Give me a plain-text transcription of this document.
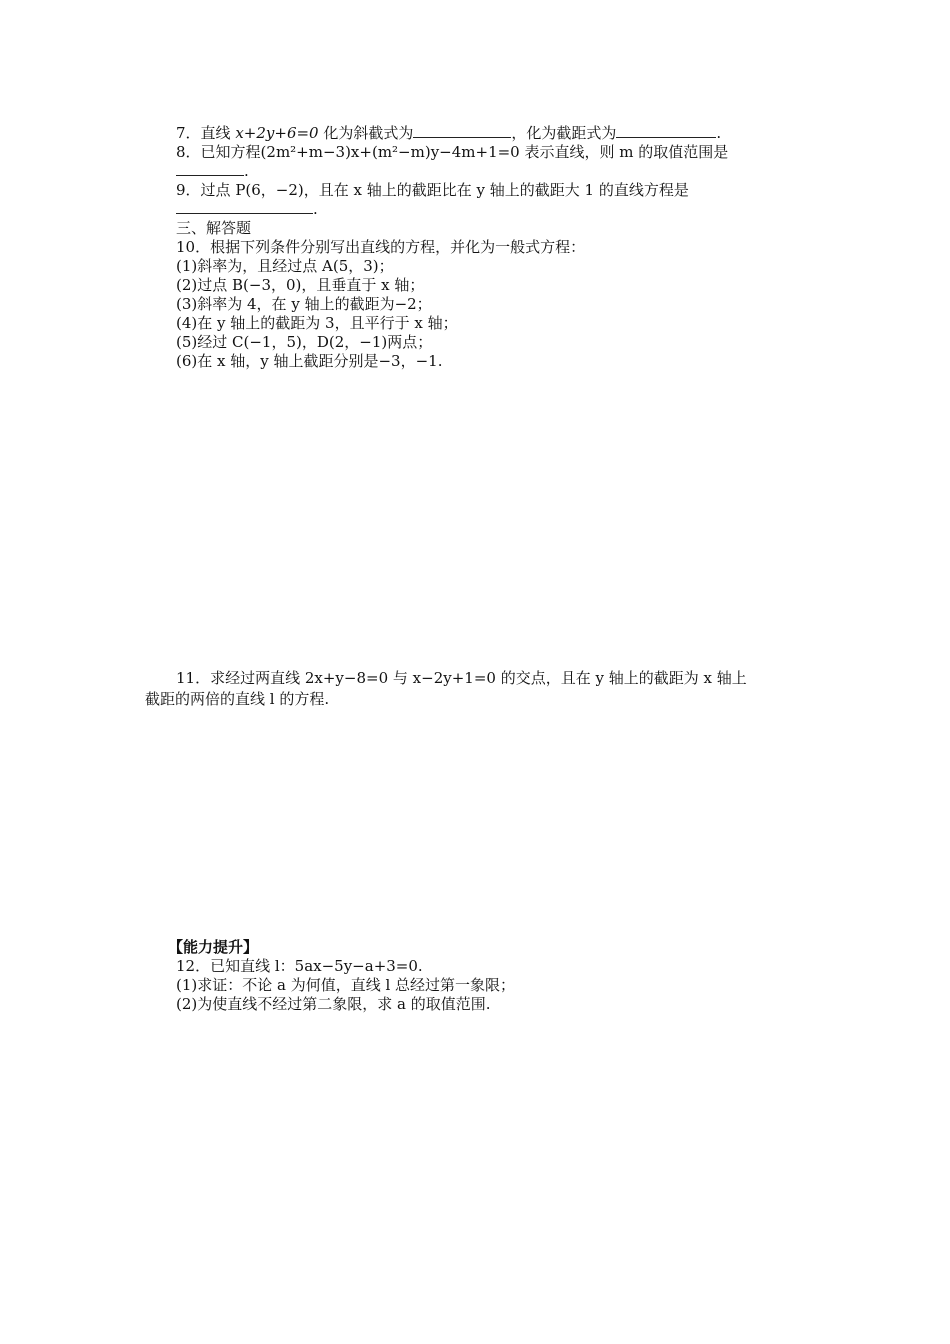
7．直线 x+2y+6=0 化为斜截式为	，化为截距式为	.
8．已知方程(2m²+m−3)x+(m²−m)y−4m+1=0 表示直线，则 m 的取值范围是
.
9．过点 P(6，−2)，且在 x 轴上的截距比在 y 轴上的截距大 1 的直线方程是
.
三、解答题
10．根据下列条件分别写出直线的方程，并化为一般式方程：
(1)斜率为，且经过点 A(5，3)；
(2)过点 B(−3，0)，且垂直于 x 轴；
(3)斜率为 4，在 y 轴上的截距为−2；
(4)在 y 轴上的截距为 3，且平行于 x 轴；
(5)经过 C(−1，5)，D(2，−1)两点；
(6)在 x 轴，y 轴上截距分别是−3，−1.
11．求经过两直线 2x+y−8=0 与 x−2y+1=0 的交点，且在 y 轴上的截距为 x 轴上
截距的两倍的直线 l 的方程.
【能力提升】
12．已知直线 l：5ax−5y−a+3=0.
(1)求证：不论 a 为何值，直线 l 总经过第一象限；
(2)为使直线不经过第二象限，求 a 的取值范围.
